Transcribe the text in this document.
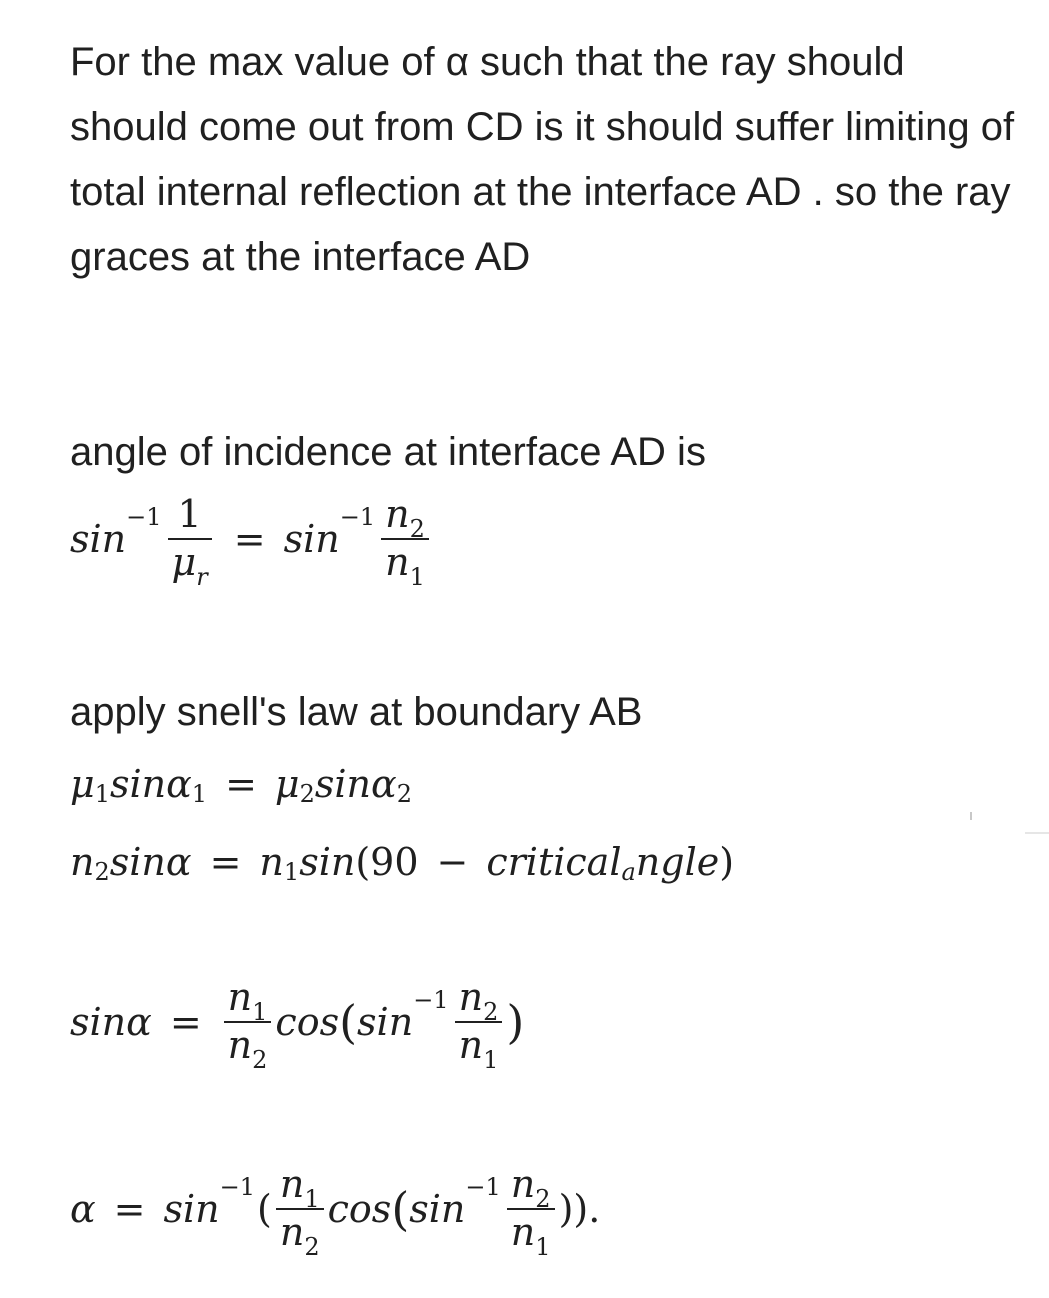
For the max value of α such that the ray should should come out from CD is it should suffer limiting of total internal reflection at the interface AD . so the ray graces at the interface AD
angle of incidence at interface AD is
$\sin^{-1} \frac{1}{\mu_r} = \sin^{-1} \frac{n_2}{n_1}$
apply snell's law at boundary AB
$\mu_1$ $\sin \alpha_1 = \mu_2$ $\sin \alpha_2$
$n_2$ $\sin \alpha = n_1$ sin ( 90 − critical$_a$ ngle )
$\sin \alpha = \frac{n_1}{n_2}$ cos ( $\sin^{-1} \frac{n_2}{n_1}$ )
$\alpha = \sin^{-1}$ ( $\frac{n_1}{n_2}$ cos ( $\sin^{-1} \frac{n_2}{n_1}$ )).
